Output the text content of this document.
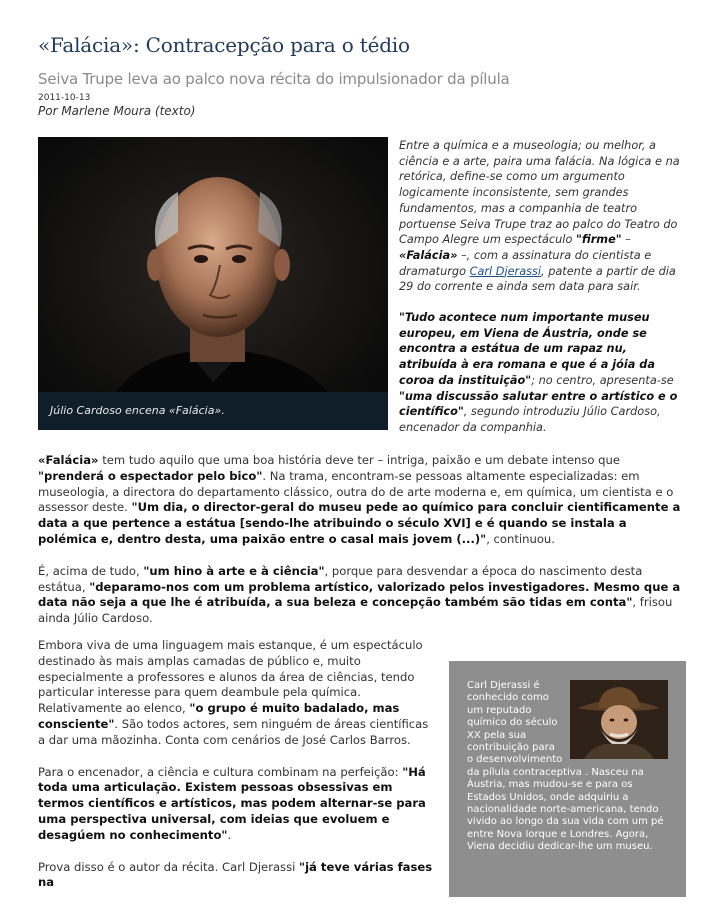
«Falácia»: Contracepção para o tédio
Seiva Trupe leva ao palco nova récita do impulsionador da pílula
2011-10-13
Por Marlene Moura (texto)
Júlio Cardoso encena «Falácia».

Entre a química e a museologia; ou melhor, a ciência e a arte, paira uma falácia. Na lógica e na retórica, define-se como um argumento logicamente inconsistente, sem grandes fundamentos, mas a companhia de teatro portuense Seiva Trupe traz ao palco do Teatro do Campo Alegre um espectáculo "firme" – «Falácia» –, com a assinatura do cientista e dramaturgo Carl Djerassi, patente a partir de dia 29 do corrente e ainda sem data para sair.

"Tudo acontece num importante museu europeu, em Viena de Áustria, onde se encontra a estátua de um rapaz nu, atribuída à era romana e que é a jóia da coroa da instituição"; no centro, apresenta-se "uma discussão salutar entre o artístico e o científico", segundo introduziu Júlio Cardoso, encenador da companhia.

«Falácia» tem tudo aquilo que uma boa história deve ter – intriga, paixão e um debate intenso que "prenderá o espectador pelo bico". Na trama, encontram-se pessoas altamente especializadas: em museologia, a directora do departamento clássico, outra do de arte moderna e, em química, um cientista e o assessor deste. "Um dia, o director-geral do museu pede ao químico para concluir cientificamente a data a que pertence a estátua [sendo-lhe atribuindo o século XVI] e é quando se instala a polémica e, dentro desta, uma paixão entre o casal mais jovem (...)", continuou.

É, acima de tudo, "um hino à arte e à ciência", porque para desvendar a época do nascimento desta estátua, "deparamo-nos com um problema artístico, valorizado pelos investigadores. Mesmo que a data não seja a que lhe é atribuída, a sua beleza e concepção também são tidas em conta", frisou ainda Júlio Cardoso.

Embora viva de uma linguagem mais estanque, é um espectáculo destinado às mais amplas camadas de público e, muito especialmente a professores e alunos da área de ciências, tendo particular interesse para quem deambule pela química. Relativamente ao elenco, "o grupo é muito badalado, mas consciente". São todos actores, sem ninguém de áreas científicas a dar uma mãozinha. Conta com cenários de José Carlos Barros.

Para o encenador, a ciência e cultura combinam na perfeição: "Há toda uma articulação. Existem pessoas obsessivas em termos científicos e artísticos, mas podem alternar-se para uma perspectiva universal, com ideias que evoluem e desagúem no conhecimento".

Prova disso é o autor da récita. Carl Djerassi "já teve várias fases na

Carl Djerassi é conhecido como um reputado químico do século XX pela sua contribuição para o desenvolvimento da pílula contraceptiva . Nasceu na Áustria, mas mudou-se e para os Estados Unidos, onde adquiriu a nacionalidade norte-americana, tendo vivido ao longo da sua vida com um pé entre Nova Iorque e Londres. Agora, Viena decidiu dedicar-lhe um museu.
